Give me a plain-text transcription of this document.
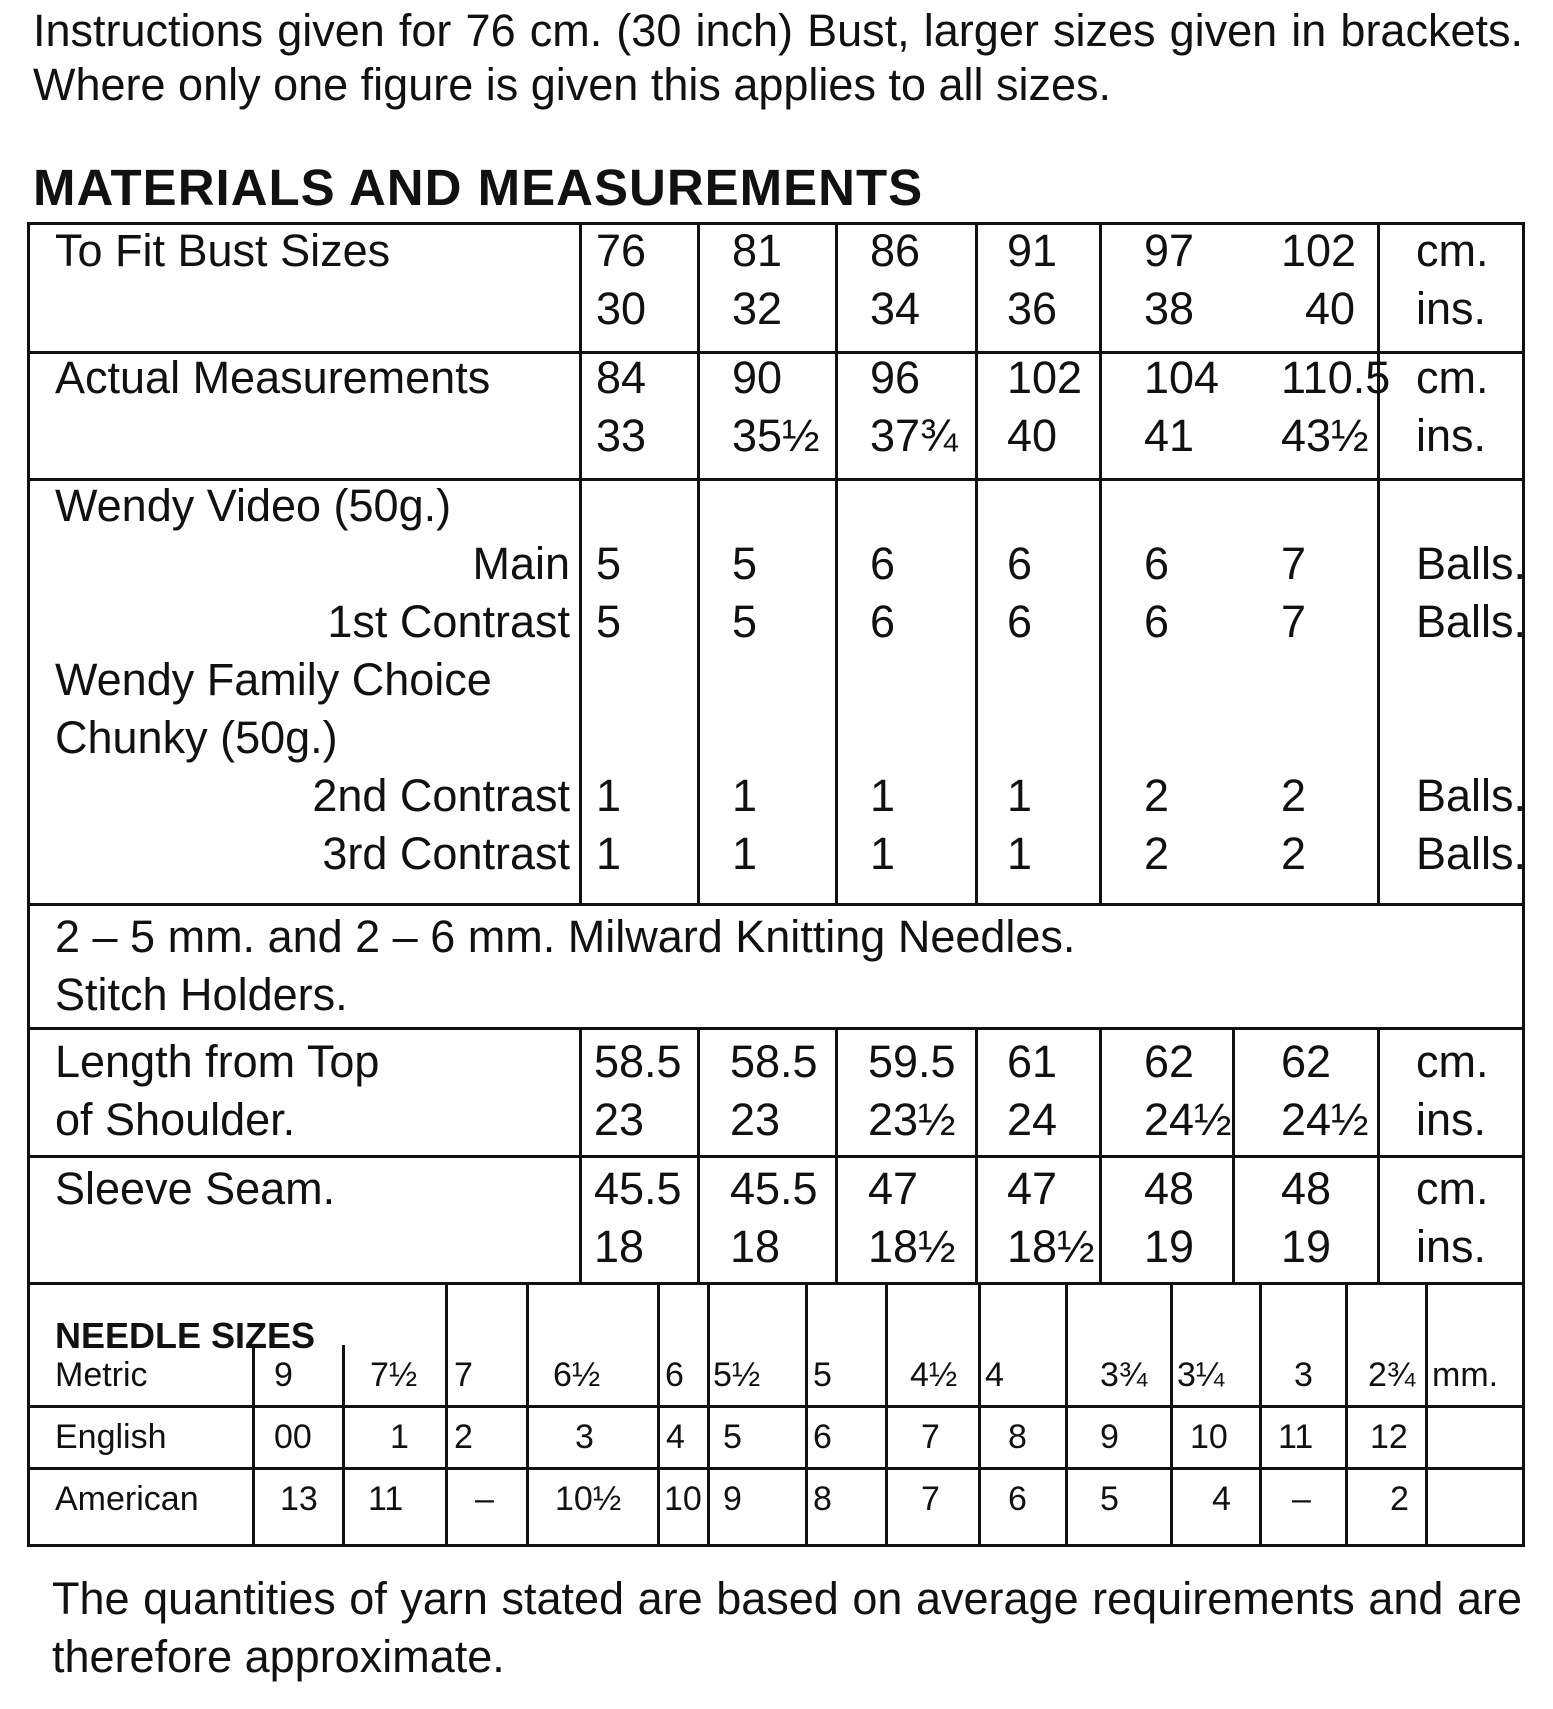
Instructions given for 76 cm. (30 inch) Bust, larger sizes given in brackets. Where only one figure is given this applies to all sizes.
MATERIALS AND MEASUREMENTS
To Fit Bust Sizes	76 81 86 91 97 102 cm.
30 32 34 36 38 40 ins.
Actual Measurements 84 90 96 102 104 110.5 cm.
33 35½ 37¾ 40 41 43½ ins.
Wendy Video (50g.)
Main 5 5	6 6 6 7 Balls.
1st Contrast 5 5	6 6 6 7 Balls.
Wendy Family Choice
Chunky (50g.)
2nd Contrast 1 1	1 1 2 2 Balls.
3rd Contrast 1 1	1 1 2 2 Balls.
2 – 5 mm. and 2 – 6 mm. Milward Knitting Needles.
Stitch Holders.
Length from Top
of Shoulder.
58.5 58.5 59.5 61 62 62 cm.
23 23 23½ 24 24½ 24½ ins.
Sleeve Seam.	45.5 45.5 47 47 48 48 cm.
18 18 18½ 18½ 19 19 ins.
NEEDLE SIZES
Metric	9 7½ 7 6½ 6 5½ 5 4½ 4	3¾ 3¼ 3 2¾ mm.
English	00 1 2	3 4 5 6	7 8 9 10 11 12
American 13 11 – 10½ 10 9 8	7 6 5	4 – 2
The quantities of yarn stated are based on average requirements and are therefore approximate.
